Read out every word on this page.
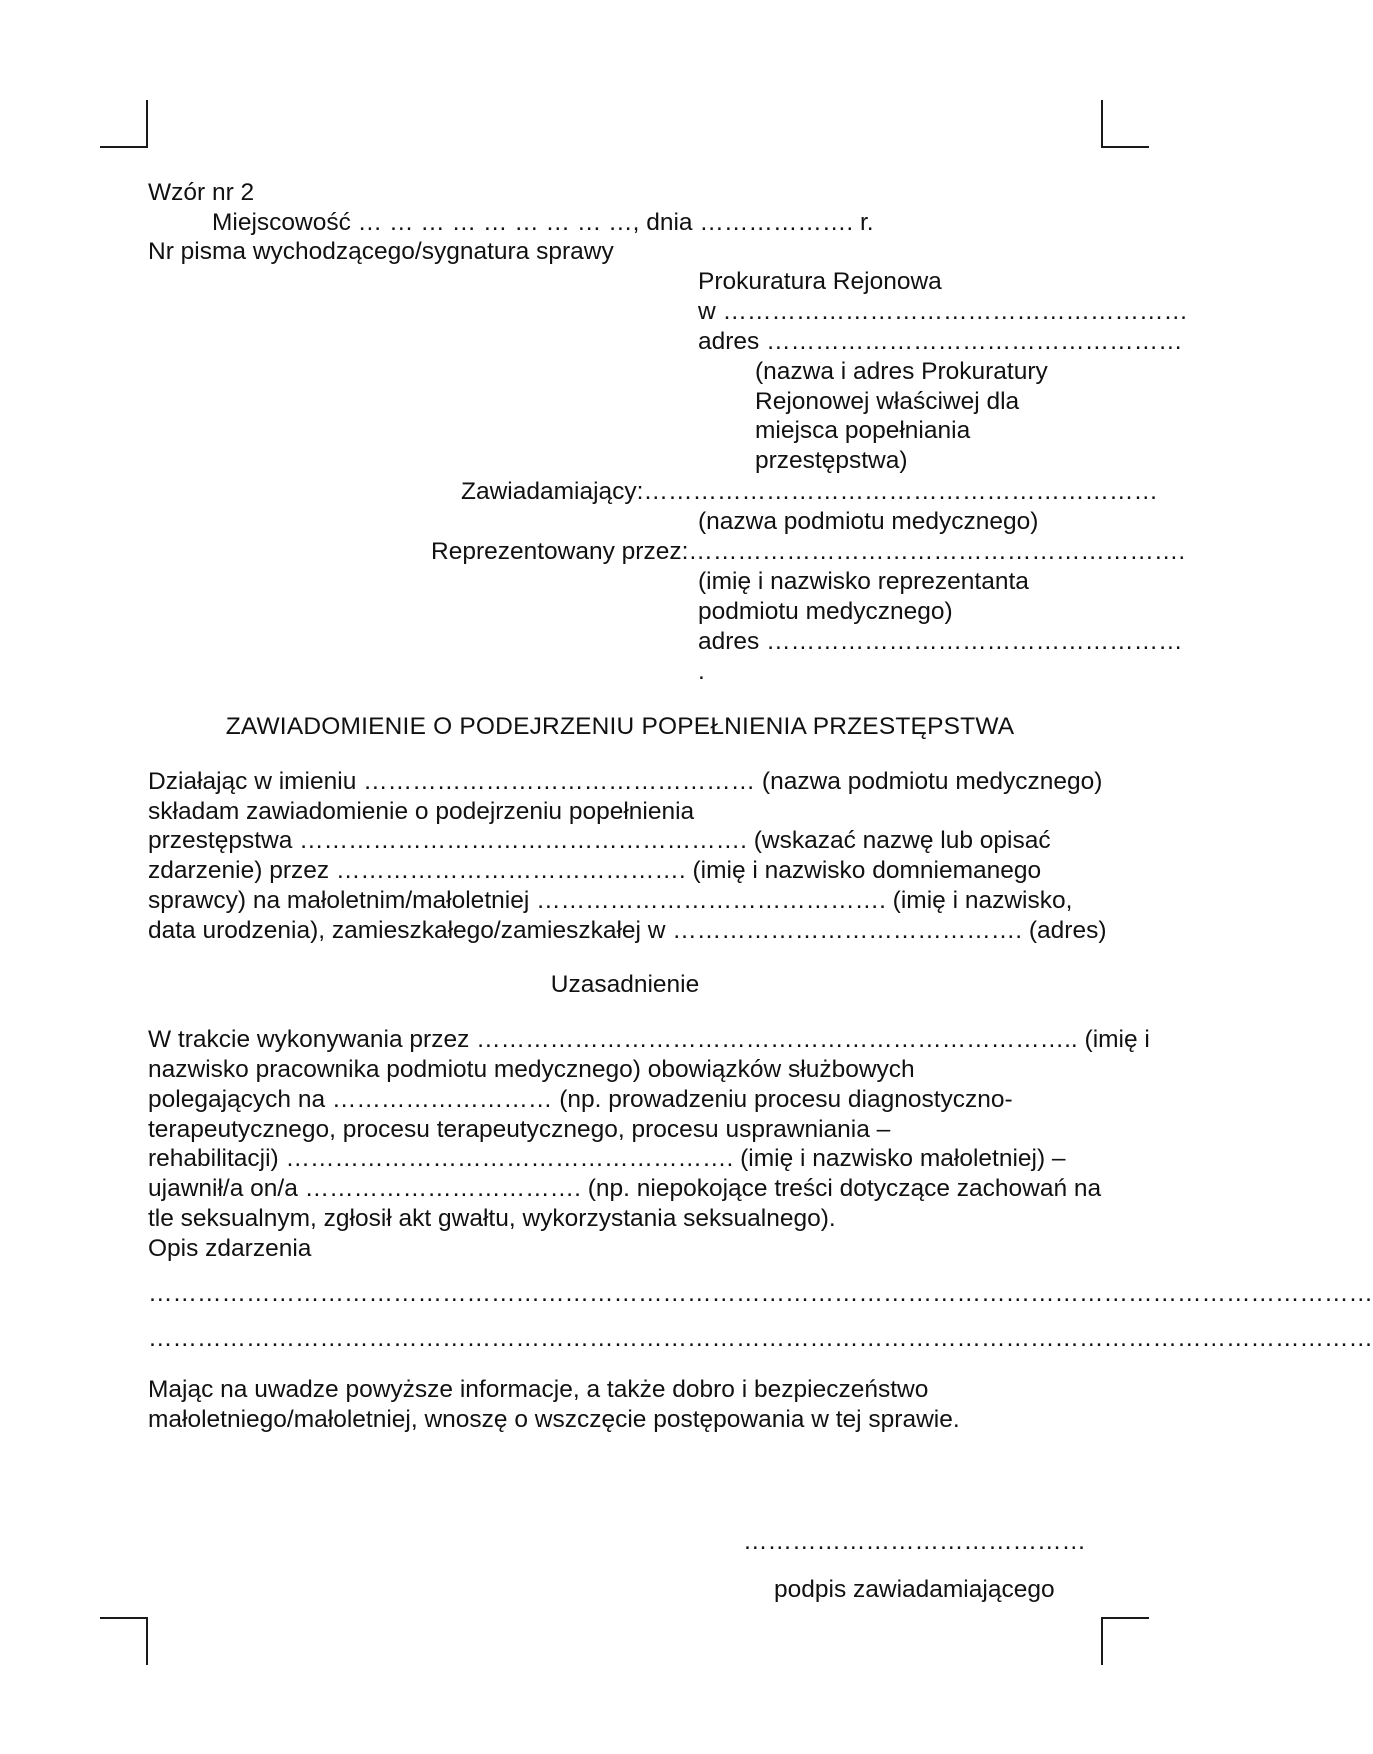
Wzór nr 2
Miejscowość … … … … … … … … …, dnia ………………. r.
Nr pisma wychodzącego/sygnatura sprawy
Prokuratura Rejonowa
w …………………………………………………
adres ……………………………………………
(nazwa i adres Prokuratury
Rejonowej właściwej dla
miejsca popełniania
przestępstwa)
Zawiadamiający:………………………………………………………
(nazwa podmiotu medycznego)
Reprezentowany przez:…………………………………………………….
(imię i nazwisko reprezentanta
podmiotu medycznego)
adres ……………………………………………
.
ZAWIADOMIENIE O PODEJRZENIU POPEŁNIENIA PRZESTĘPSTWA
Działając w imieniu ………………………………………… (nazwa podmiotu medycznego)
składam zawiadomienie o podejrzeniu popełnienia
przestępstwa ………………………………………………. (wskazać nazwę lub opisać
zdarzenie) przez ……………………………………. (imię i nazwisko domniemanego
sprawcy) na małoletnim/małoletniej ……………………………………. (imię i nazwisko,
data urodzenia), zamieszkałego/zamieszkałej w ……………………………………. (adres)
Uzasadnienie
W trakcie wykonywania przez ……………………………………………………………….. (imię i
nazwisko pracownika podmiotu medycznego) obowiązków służbowych
polegających na ……………………… (np. prowadzeniu procesu diagnostyczno-
terapeutycznego, procesu terapeutycznego, procesu usprawniania –
rehabilitacji) ………………………………………………. (imię i nazwisko małoletniej) –
ujawnił/a on/a ……………………………. (np. niepokojące treści dotyczące zachowań na
tle seksualnym, zgłosił akt gwałtu, wykorzystania seksualnego).
Opis zdarzenia
……………………………………………………………………………………………………………………………………
……………………………………………………………………………………………………………………………………
Mając na uwadze powyższe informacje, a także dobro i bezpieczeństwo
małoletniego/małoletniej, wnoszę o wszczęcie postępowania w tej sprawie.
……………………………………
podpis zawiadamiającego
